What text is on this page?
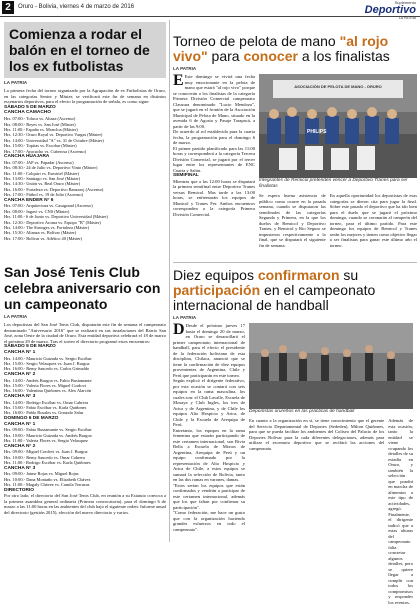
2	Oruro - Bolivia, viernes 4 de marzo de 2016
Suplemento
Deportivo
LA PATRIA
Comienza a rodar el balón en el torneo de los ex futbolistas
LA PATRIA

La primera fecha del torneo organizado por la Agrupación de ex Futbolistas de Oruro, en las categorías Senior y Máster, se verificará este fin de semana en distintos escenarios deportivos, para el efecto la programación de señala, es como sigue:

SÁBADO 5 DE MARZO

CANCHA CAMACHO

Hrs. 07:00.- Toluca vs. Aliaza (Ascenso)
Hrs. 08:00.- Reyes vs. San José (Máster)
Hrs. 11:00.- España vs. Moncloa (Máster)
Hrs. 12:30.- Oruro Royal vs. Deportivo Vargas (Máster)
Hrs. 14:00.- Universidad "A" vs. 31 de Octubre (Máster)
Hrs. 15:00.- Topitas vs. Escobar (Máster)
Hrs. 17:00.- Ayacucho vs. Cuberosa (Ascenso)

CANCHA HUAJARA

Hrs. 07:00.- JAP vs. Papadar (Ascenso)
Hrs. 08:30.- 24 de Julio vs. Deportivo Vinto (Máster)
Hrs. 11:00.- Colquiri vs. Esmiriel (Máster)
Hrs. 13:00.- Santiago vs. San José (Máster)
Hrs. 14:30.- Unión vs. Real Oruro (Máster)
Hrs. 16:00.- Fortaleza vs. Deportivo Banzaroj (Ascenso)
Hrs. 17:00.- Fútbol vs. 19 de Julio (Ascenso)

CANCHA ENDER N° 6

Hrs. 07:00.- Arquitectura vs. Casagrand (Ascenso)
Hrs. 08:00.- Ingavi vs. CNS (Máster)
Hrs. 11:00.- 6 de Junio vs. Deportivo Universidad (Máster)
Hrs. 12:30.- Deportivo Aroma vs. Equipo "B" (Máster)
Hrs. 14:00.- The Stronges vs. Fortaleza (Máster)
Hrs. 15:30.- Alianza vs. Bolívar (Máster)
Hrs. 17:00.- Bolívar vs. Atlético 40 (Máster)
San José Tenis Club celebra aniversario con un campeonato
LA PATRIA

Los deportistas del San José Tenis Club, disputarán este fin de semana el campeonato denominado "Aniversario 2016" que se realizará en sus instalaciones del Barrio San José, zona Oeste de la ciudad de Oruro. Esta entidad deportiva celebrará el 18 de marzo el próximo 29 de marzo. Tras el sorteo el directorio programó estos encuentros:

SÁBADO 5 DE MARZO

CANCHA N° 1

Hrs. 14:00.- Mauricio Guizada vs. Sergio Escóbar
Hrs. 15:00.- Sergio Velasquez vs. Juan J. Burgoa
Hrs. 16:00.- Remy Saucedo vs. Carlos Grimaldo

CANCHA N° 2

Hrs. 14:00.- Andrés Burgoa vs. Fabio Bustamante
Hrs. 15:00.- Valeria Flores vs. Miguel Cordovi
Hrs. 16:00.- Valentina Quiñones vs. Alex Alarcón

CANCHA N° 3

Hrs. 14:00.- Rodrigo Escóbar vs. Omar Cabrera
Hrs. 15:00.- Fabio Escóbar vs. Karla Quiñones
Hrs. 16:00.- Pablo Rosales vs. Gonzalo Salas

DOMINGO 6 DE MARZO

CANCHA N° 1

Hrs. 09:00.- Fabio Bustamante vs. Sergio Escóbar
Hrs. 10:00.- Mauricio Guizada vs. Andrés Burgoa
Hrs. 11:00.- Valeria Flores vs. Sergio Velasquez

CANCHA N° 2

Hrs. 09:00.- Miguel Cordovi vs. Juan J. Burgoa
Hrs. 10:00.- Remy Saucedo vs. Omar Cabrera
Hrs. 11:00.- Rodrigo Escóbar vs. Karla Quiñones

CANCHA N° 3

Hrs. 09:00.- Jaime Rojas vs. Miguel Rojas
Hrs. 10:00.- Dana Montaño vs. Elizabeth Chávez
Hrs. 11:00.- Magaly Chávez vs. Camila Terrazas

DIRECTORIO

Por otro lado, el directorio del San José Tenis Club, en reunión a su Estatuto convoca a la primera asamblea general ordinaria (Primera convocatoria), para el domingo 6 de marzo a las 11:00 horas en las ambientes del club bajo el siguiente orden: Informe anual del directorio (gestión 2015), elección del nuevo directorio y varios.

Torneo de pelota de mano "al rojo vivo" para conocer a los finalistas
LA PATRIA

E Este domingo se vivirá una fecha muy emocionante en la pelota de mano que estará "al rojo vivo" porque se conocerán a los finalistas de la categoría Primera División Comercial campeonato Clausura denominado "Lucio Mendoza", que se jugará en el frontón de la Asociación Municipal de Pelota de Mano, situado en la avenida 6 de Agosto y Pasaje Tarapacá, a partir de las 9:00.

De acuerdo al rol establecido para la cuarta fecha, la programación para el domingo 6 de marzo.

El primer partido planificado para las 11:00 horas y corresponderá a la categoría Tercera División Comercial, se jugará por el tercer lugar entre los representantes de ENC Cuarta y Salón.

SEMIFINAL

Mientras que a las 12:00 horas se disputará la primera semifinal entre Deportivo Tranes versus Remicol. Mas tarde a las 13:00 horas, se enfrentarán los equipos de Municol y Tranes Fer. Ambos encuentros corresponden a la categoría Primera División Comercial.

ASOCIACIÓN DE PELOTA DE MANO - ORURO
PHILIPS
Integrantes de Remicol pretenden vencer a Deportivo Tranes para ser finalistas

Se espera buena asistencia de público como ocurre en la pasada semana, cuando se disputaron las semifinales de las categorías Segunda y Primera, en la que los duelos de Remicol y Deportivo Tranes, y Remicol y Rio Seguro se impusieron respectivamente a la final, que se disputará el siguiente fin de semana.

En aquella oportunidad los deportistas de esas categorías se dieron cita para jugar la final. Sobre este pasado el deportivo que ha ido bien para el duelo que se jugará el próximo domingo, cuando se coronarán al campeón del torneo, para el último partido. Para este domingo los equipos de Remicol y Tranes serán los mejores y tienen como objetivo llegar a ser finalistas para ganar este último año el torneo.

Diez equipos confirmaron su participación en el campeonato internacional de handball
LA PATRIA

D Desde el próximo jueves 17 hasta el domingo 20 de marzo, en Oruro se desarrollará el primer campeonato internacional de handball, para el efecto el presidente de la federación boliviana de esta disciplina, Chilaca, anunció que se tiene la confirmación de diez equipos provenientes de Argentina, Chile y Perú que participarán en este torneo.

Según explicó el dirigente federativo, por esta ocasión se contará con seis equipos en la rama masculina, los cuales son: el Club Lavalle, Escuela de Mosaya y Club Ingles, los tres de Arica y de Argentina, y de Chile los equipos Alto Hospicio y Arica, de Chile y la Escuela de Arequipa de Perú.

Entretanto, los equipos en la rama femenina que estarán participando de este certamen internacional, son Rivia Bella a Escuela de Mixtos de Argentina, Arequipa de Perú y un equipo confirmado por la representación de Alto Hospicio y Arica de Chile, a estos equipos se sumará la selección de Bolivia, tanto en las dos ramas en varones, damas.

"Estos serían los equipos que están confirmados y vendrán a participar de este certamen internacional, además que los que faltan por confirmar su participación".

"Como federación, me hace un gusto que con la organización haciendo grandes esfuerzos en todo el campeonato".

Deportistas orureños en las prácticas de handball

En cuanto a la organización en sí, se tiene conocimiento que el gerente del Servicio Departamental de Deportes (Sededen), Milton Quiñones, para que se pueda facilitar los ambientes del Coliseo del Palacio de los Deportes Bolivar para la cada diferentes delegaciones, además para utilizar el escenario deportivo que se recibirá las acciones del campeonato.

Además de esta ocasión, tanto la entidad se viene ocupando los detalles de su estadía en Oruro, y también la selección que pondrá en marcha de alimentos a este tipo de actividades, agregó.

Finalmente, el dirigente indicó que a estas alturas del campeonato falta concretar algunos detalles, pero se quiere llegar a cumplir con todos los compromisos y responder los eventos.
